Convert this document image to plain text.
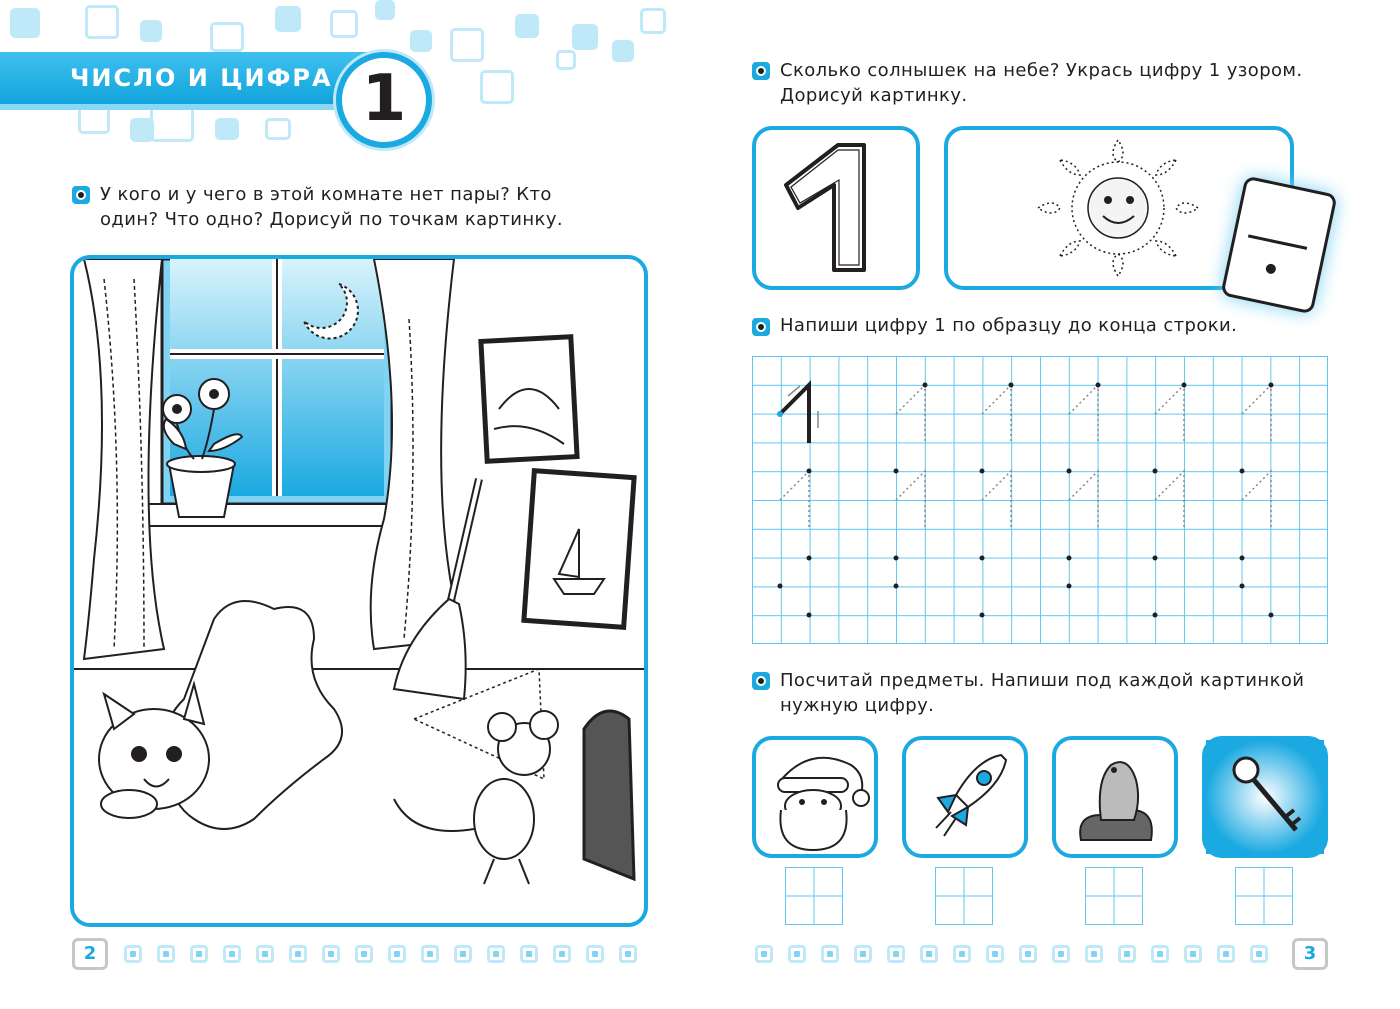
ЧИСЛО И ЦИФРА 1
У кого и у чего в этой комнате нет пары? Кто
один? Что одно? Дорисуй по точкам картинку.
2
Сколько солнышек на небе? Укрась цифру 1 узором.
Дорисуй картинку.
Напиши цифру 1 по образцу до конца строки.
Посчитай предметы. Напиши под каждой картинкой
нужную цифру.
3
